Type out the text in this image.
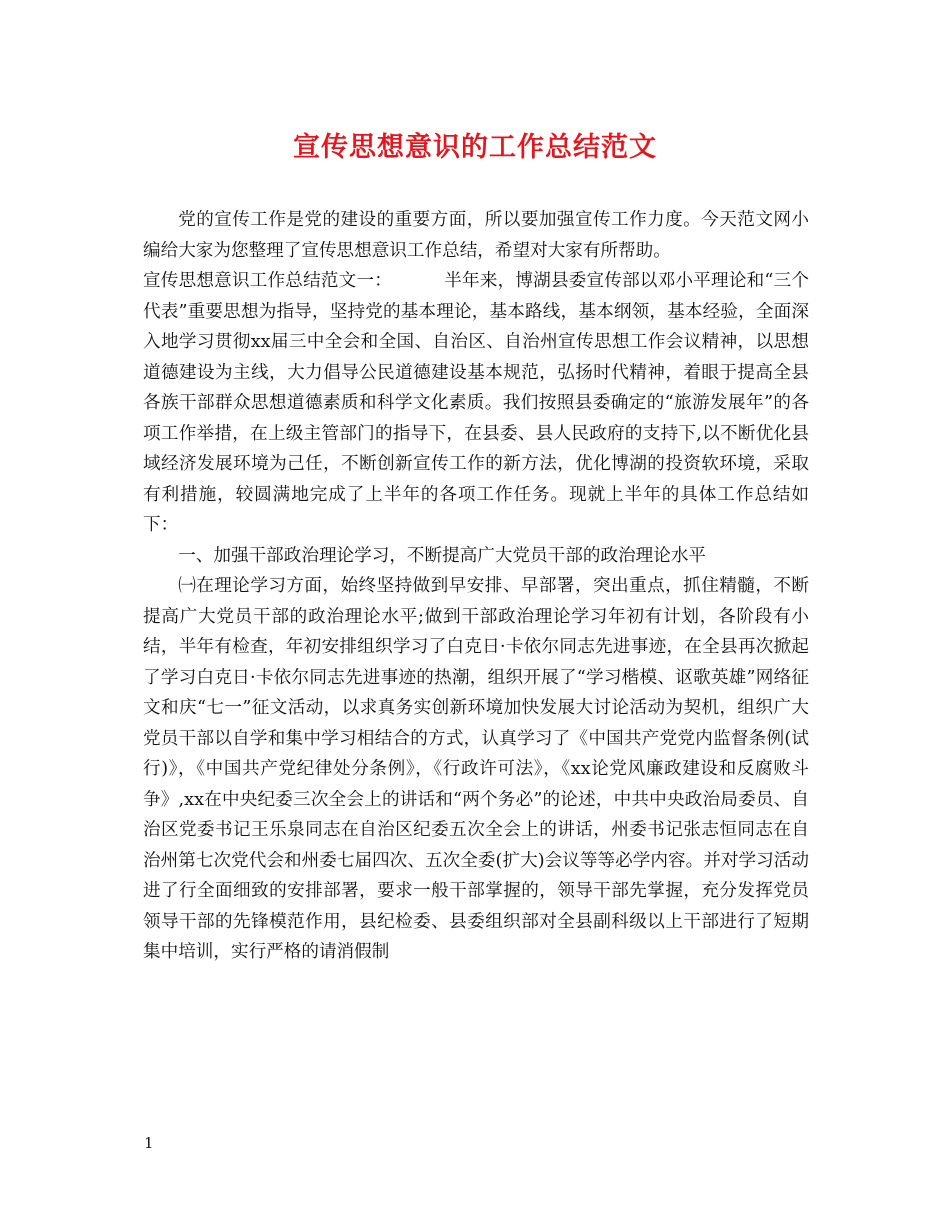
宣传思想意识的工作总结范文

党的宣传工作是党的建设的重要方面，所以要加强宣传工作力度。今天范文网小编给大家为您整理了宣传思想意识工作总结，希望对大家有所帮助。

宣传思想意识工作总结范文一：	半年来，博湖县委宣传部以邓小平理论和“三个代表”重要思想为指导，坚持党的基本理论，基本路线，基本纲领，基本经验，全面深入地学习贯彻xx届三中全会和全国、自治区、自治州宣传思想工作会议精神，以思想道德建设为主线，大力倡导公民道德建设基本规范，弘扬时代精神，着眼于提高全县各族干部群众思想道德素质和科学文化素质。我们按照县委确定的“旅游发展年”的各项工作举措，在上级主管部门的指导下，在县委、县人民政府的支持下,以不断优化县域经济发展环境为己任，不断创新宣传工作的新方法，优化博湖的投资软环境，采取有利措施，较圆满地完成了上半年的各项工作任务。现就上半年的具体工作总结如下：

一、加强干部政治理论学习，不断提高广大党员干部的政治理论水平

㈠在理论学习方面，始终坚持做到早安排、早部署，突出重点，抓住精髓，不断提高广大党员干部的政治理论水平;做到干部政治理论学习年初有计划，各阶段有小结，半年有检查，年初安排组织学习了白克日·卡依尔同志先进事迹，在全县再次掀起了学习白克日·卡依尔同志先进事迹的热潮，组织开展了“学习楷模、讴歌英雄”网络征文和庆“七一”征文活动，以求真务实创新环境加快发展大讨论活动为契机，组织广大党员干部以自学和集中学习相结合的方式，认真学习了《中国共产党党内监督条例(试行)》，《中国共产党纪律处分条例》，《行政许可法》，《xx论党风廉政建设和反腐败斗争》,xx在中央纪委三次全会上的讲话和“两个务必”的论述，中共中央政治局委员、自治区党委书记王乐泉同志在自治区纪委五次全会上的讲话，州委书记张志恒同志在自治州第七次党代会和州委七届四次、五次全委(扩大)会议等等必学内容。并对学习活动进了行全面细致的安排部署，要求一般干部掌握的，领导干部先掌握，充分发挥党员领导干部的先锋模范作用，县纪检委、县委组织部对全县副科级以上干部进行了短期集中培训，实行严格的请消假制

1
